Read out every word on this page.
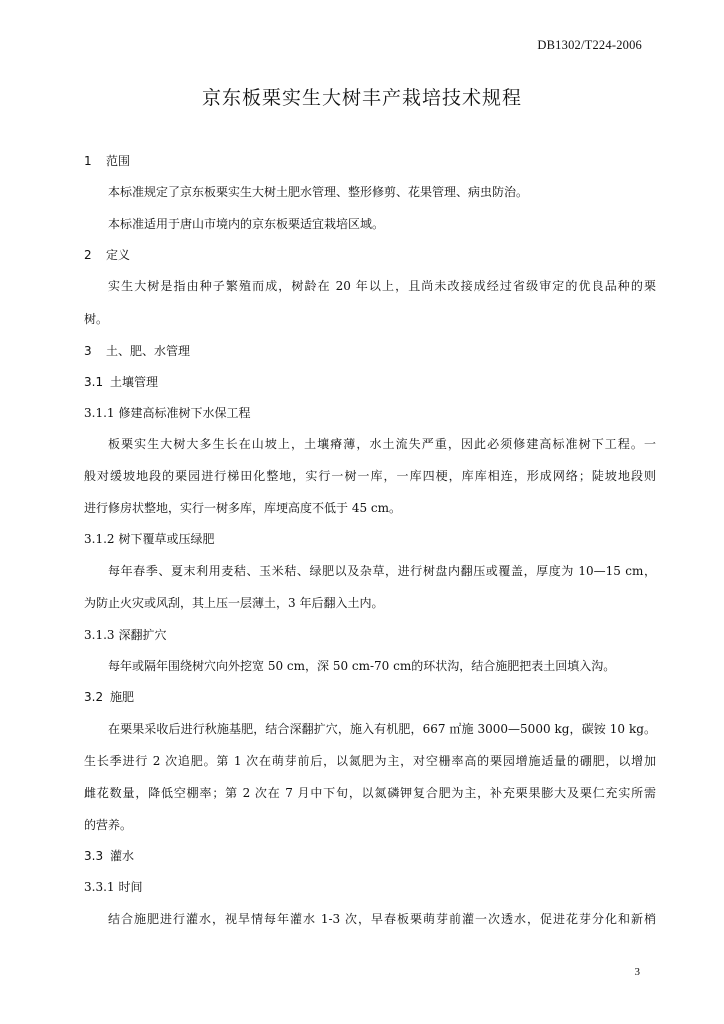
DB1302/T224-2006
京东板栗实生大树丰产栽培技术规程
1 范围
本标准规定了京东板栗实生大树土肥水管理、整形修剪、花果管理、病虫防治。
本标准适用于唐山市境内的京东板栗适宜栽培区域。
2 定义
实生大树是指由种子繁殖而成，树龄在 20 年以上，且尚未改接成经过省级审定的优良品种的栗
树。
3 土、肥、水管理
3.1 土壤管理
3.1.1 修建高标准树下水保工程
板栗实生大树大多生长在山坡上，土壤瘠薄，水土流失严重，因此必须修建高标准树下工程。一
般对缓坡地段的栗园进行梯田化整地，实行一树一库，一库四梗，库库相连，形成网络；陡坡地段则
进行修房状整地，实行一树多库，库埂高度不低于 45 cm。
3.1.2 树下覆草或压绿肥
每年春季、夏末利用麦秸、玉米秸、绿肥以及杂草，进行树盘内翻压或覆盖，厚度为 10—15 cm，
为防止火灾或风刮，其上压一层薄土，3 年后翻入土内。
3.1.3 深翻扩穴
每年或隔年围绕树穴向外挖宽 50 cm，深 50 cm-70 cm的环状沟，结合施肥把表土回填入沟。
3.2 施肥
在栗果采收后进行秋施基肥，结合深翻扩穴，施入有机肥，667 ㎡施 3000—5000 kg，碳铵 10 kg。
生长季进行 2 次追肥。第 1 次在萌芽前后，以氮肥为主，对空栅率高的栗园增施适量的硼肥，以增加
雌花数量，降低空棚率；第 2 次在 7 月中下旬，以氮磷钾复合肥为主，补充栗果膨大及栗仁充实所需
的营养。
3.3 灌水
3.3.1 时间
结合施肥进行灌水，视旱情每年灌水 1-3 次，早春板栗萌芽前灌一次透水，促进花芽分化和新梢
3
